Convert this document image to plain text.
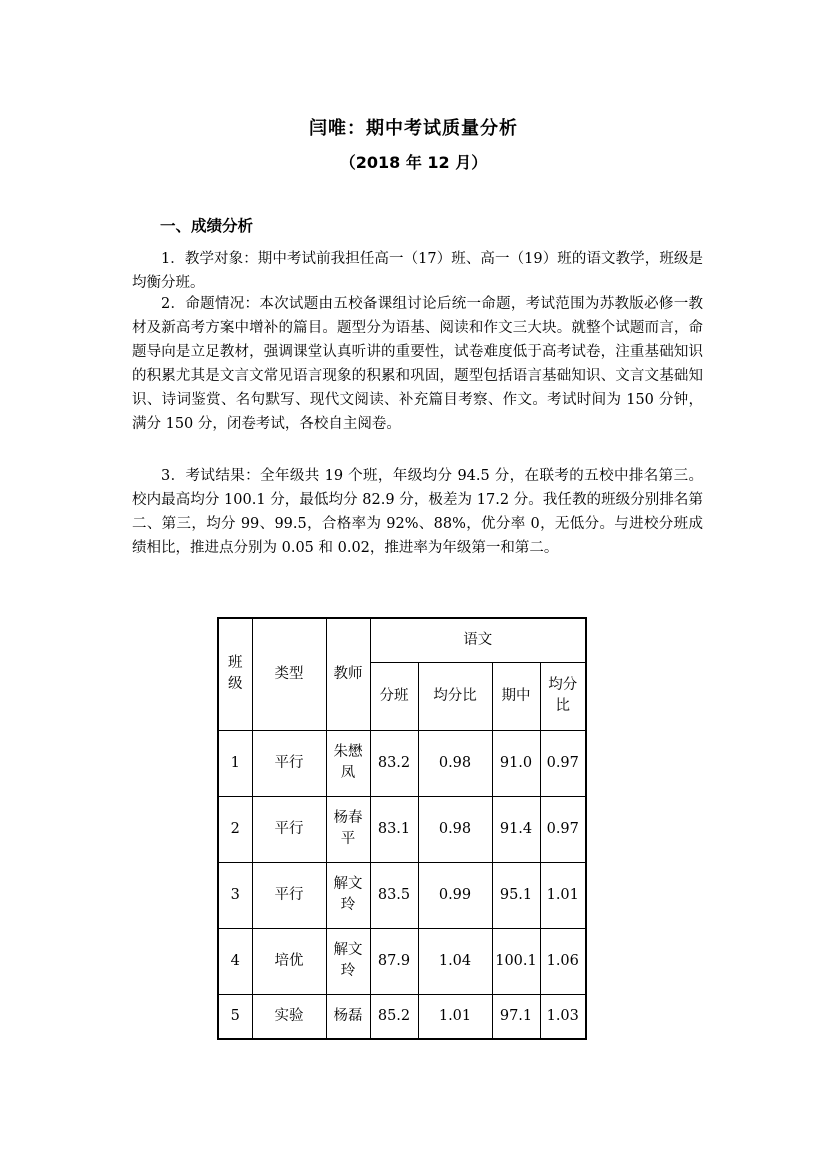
闫唯：期中考试质量分析
（2018 年 12 月）
一、成绩分析

1．教学对象：期中考试前我担任高一（17）班、高一（19）班的语文教学，班级是均衡分班。

2．命题情况：本次试题由五校备课组讨论后统一命题，考试范围为苏教版必修一教材及新高考方案中增补的篇目。题型分为语基、阅读和作文三大块。就整个试题而言，命题导向是立足教材，强调课堂认真听讲的重要性，试卷难度低于高考试卷，注重基础知识的积累尤其是文言文常见语言现象的积累和巩固，题型包括语言基础知识、文言文基础知识、诗词鉴赏、名句默写、现代文阅读、补充篇目考察、作文。考试时间为 150 分钟，满分 150 分，闭卷考试，各校自主阅卷。

3．考试结果：全年级共 19 个班，年级均分 94.5 分，在联考的五校中排名第三。校内最高均分 100.1 分，最低均分 82.9 分，极差为 17.2 分。我任教的班级分别排名第二、第三，均分 99、99.5，合格率为 92%、88%，优分率 0，无低分。与进校分班成绩相比，推进点分别为 0.05 和 0.02，推进率为年级第一和第二。

班级	类型	教师	语文			
			分班	均分比	期中	均分比
1	平行	朱懋凤	83.2	0.98	91.0	0.97
2	平行	杨春平	83.1	0.98	91.4	0.97
3	平行	解文玲	83.5	0.99	95.1	1.01
4	培优	解文玲	87.9	1.04	100.1	1.06
5	实验	杨磊	85.2	1.01	97.1	1.03
